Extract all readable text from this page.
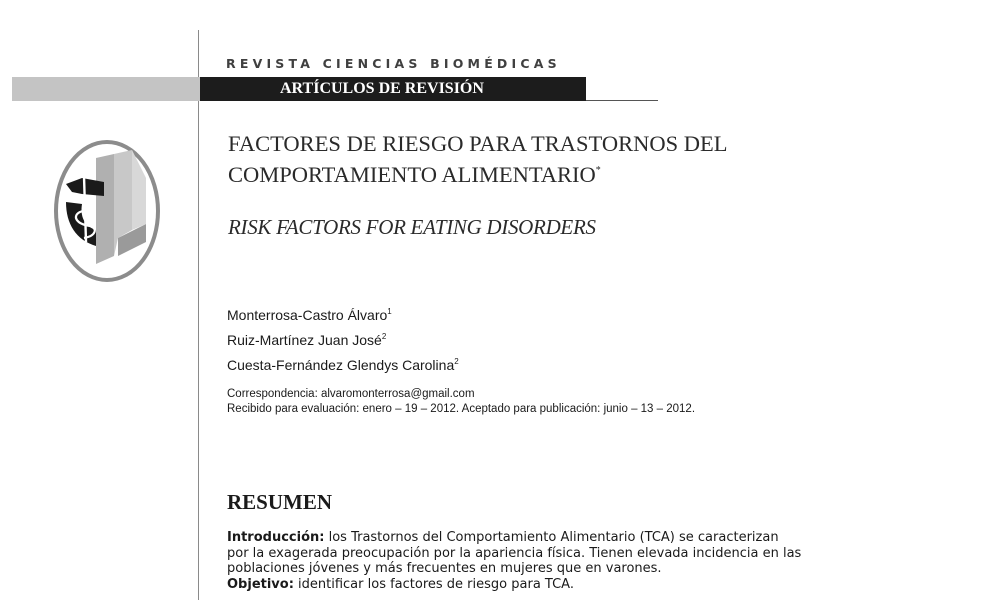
REVISTA CIENCIAS BIOMÉDICAS
ARTÍCULOS DE REVISIÓN
FACTORES DE RIESGO PARA TRASTORNOS DEL
COMPORTAMIENTO ALIMENTARIO*
RISK FACTORS FOR EATING DISORDERS
Monterrosa-Castro Álvaro$^1$
Ruiz-Martínez Juan José$^2$
Cuesta-Fernández Glendys Carolina$^2$
Correspondencia: alvaromonterrosa@gmail.com
Recibido para evaluación: enero – 19 – 2012. Aceptado para publicación: junio – 13 – 2012.
RESUMEN
Introducción: los Trastornos del Comportamiento Alimentario (TCA) se caracterizan
por la exagerada preocupación por la apariencia física. Tienen elevada incidencia en las
poblaciones jóvenes y más frecuentes en mujeres que en varones.
Objetivo: identificar los factores de riesgo para TCA.
